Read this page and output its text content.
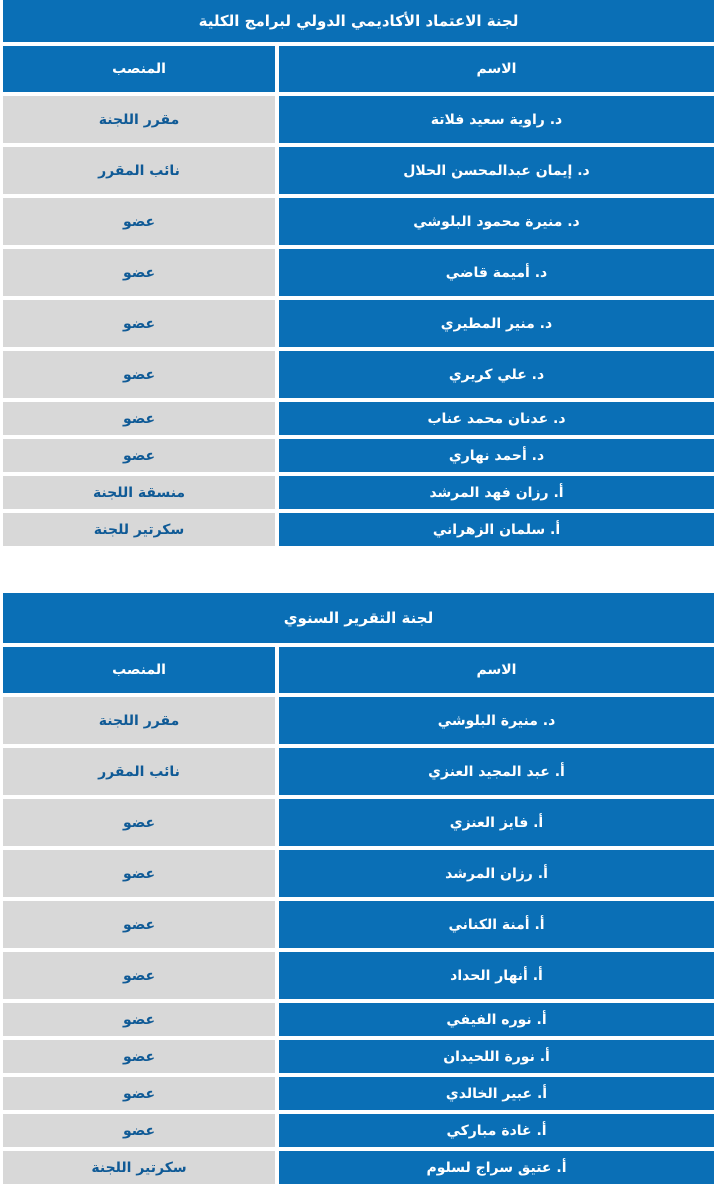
لجنة الاعتماد الأكاديمي الدولي لبرامج الكلية
الاسم
المنصب
د. راوية سعيد فلاتة
مقرر اللجنة
د. إيمان عبدالمحسن الحلال
نائب المقرر
د. منيرة محمود البلوشي
عضو
د. أميمة قاضي
عضو
د. منير المطيري
عضو
د. علي كريري
عضو
د. عدنان محمد عناب
عضو
د. أحمد نهاري
عضو
أ. رزان فهد المرشد
منسقة اللجنة
أ. سلمان الزهراني
سكرتير للجنة
لجنة التقرير السنوي
الاسم
المنصب
د. منيرة البلوشي
مقرر اللجنة
أ. عبد المجيد العنزي
نائب المقرر
أ. فايز العنزي
عضو
أ. رزان المرشد
عضو
أ. أمنة الكناني
عضو
أ. أنهار الحداد
عضو
أ. نوره الفيفي
عضو
أ. نورة اللحيدان
عضو
أ. عبير الخالدي
عضو
أ. غادة مباركي
عضو
أ. عتيق سراج لسلوم
سكرتير اللجنة
